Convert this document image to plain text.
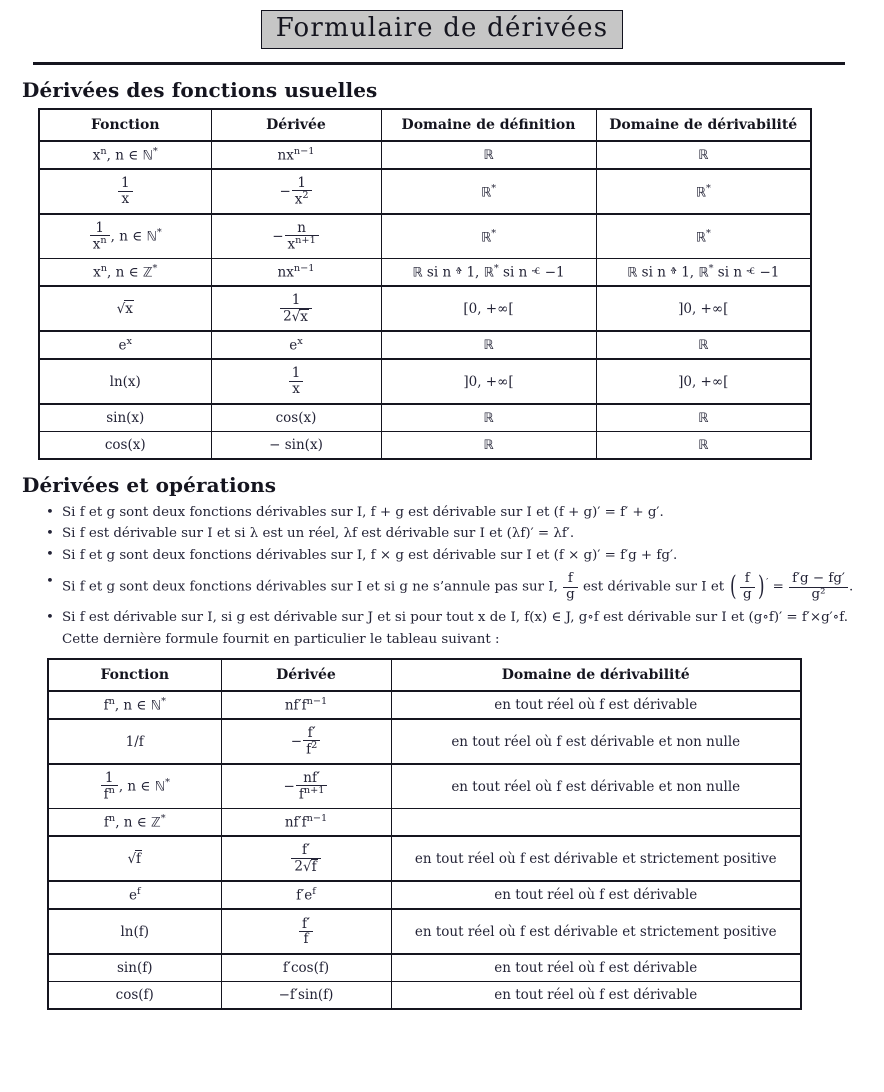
Formulaire de dérivées
Dérivées des fonctions usuelles
Fonction	Dérivée	Domaine de définition	Domaine de dérivabilité
$x^n$, n ∈ ℕ*	$nx^{n-1}$	ℝ	ℝ

$\frac{1}{x}$	− $\frac{1}{x^2}$	ℝ*	ℝ*

$\frac{1}{x^n}$ , n ∈ ℕ*	− $\frac{n}{x^{n+1}}$	ℝ*	ℝ*
$x^n$, n ∈ ℤ*	$nx^{n-1}$	ℝ si n ⱖ 1, ℝ* si n ⱕ −1	ℝ si n ⱖ 1, ℝ* si n ⱕ −1
√x	$\frac{1}{2√x}$	[0, +∞[	]0, +∞[
$e^x$	$e^x$	ℝ	ℝ
ln(x)	$\frac{1}{x}$	]0, +∞[	]0, +∞[
sin(x)	cos(x)	ℝ	ℝ
cos(x)	− sin(x)	ℝ	ℝ
Dérivées et opérations
• Si f et g sont deux fonctions dérivables sur I, f + g est dérivable sur I et (f + g)′ = f′ + g′.
• Si f est dérivable sur I et si λ est un réel, λf est dérivable sur I et (λf)′ = λf′.
• Si f et g sont deux fonctions dérivables sur I, f × g est dérivable sur I et (f × g)′ = f′g + fg′.
• Si f et g sont deux fonctions dérivables sur I et si g ne s’annule pas sur I, $\frac{f}{g}$ est dérivable sur I et ( $\frac{f}{g}$ ) $' = \frac{f'g - fg'}{\text{g²}}$ .
• Si f est dérivable sur I, si g est dérivable sur J et si pour tout x de I, f(x) ∈ J, g∘f est dérivable sur I et (g∘f)′ = f′×g′∘f.
Cette dernière formule fournit en particulier le tableau suivant :
Fonction	Dérivée	Domaine de dérivabilité
$f^n$, n ∈ ℕ*	$nf'f^{n-1}$	en tout réel où f est dérivable
1/f	− $\frac{f'}{f^2}$	en tout réel où f est dérivable et non nulle

$\frac{1}{f^n}$ , n ∈ ℕ*	− $\frac{nf'}{f^{n+1}}$	en tout réel où f est dérivable et non nulle
$f^n$, n ∈ ℤ*	$nf'f^{n-1}$	
√f	$\frac{f'}{2√f}$	en tout réel où f est dérivable et strictement positive
$e^f$	$f'e^f$	en tout réel où f est dérivable
ln(f)	$\frac{f'}{f}$	en tout réel où f est dérivable et strictement positive
sin(f)	f′cos(f)	en tout réel où f est dérivable
cos(f)	−f′sin(f)	en tout réel où f est dérivable
